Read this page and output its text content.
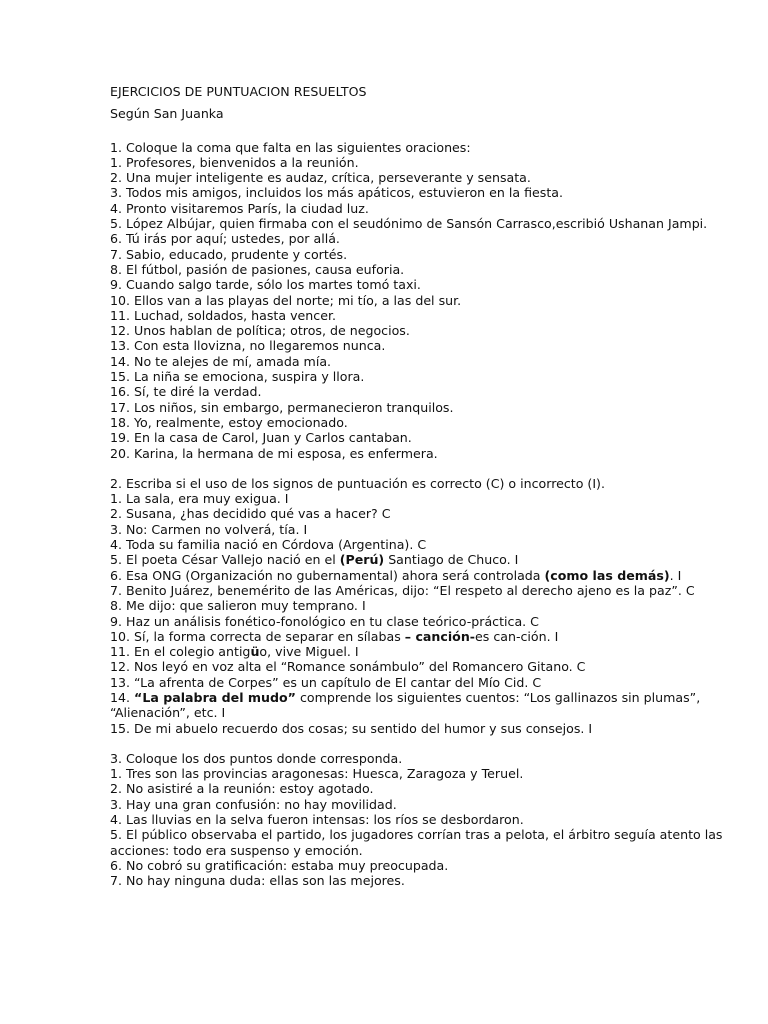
EJERCICIOS DE PUNTUACION RESUELTOS
Según San Juanka
1. Coloque la coma que falta en las siguientes oraciones:
1. Profesores, bienvenidos a la reunión.
2. Una mujer inteligente es audaz, crítica, perseverante y sensata.
3. Todos mis amigos, incluidos los más apáticos, estuvieron en la fiesta.
4. Pronto visitaremos París, la ciudad luz.
5. López Albújar, quien firmaba con el seudónimo de Sansón Carrasco,escribió Ushanan Jampi.
6. Tú irás por aquí; ustedes, por allá.
7. Sabio, educado, prudente y cortés.
8. El fútbol, pasión de pasiones, causa euforia.
9. Cuando salgo tarde, sólo los martes tomó taxi.
10. Ellos van a las playas del norte; mi tío, a las del sur.
11. Luchad, soldados, hasta vencer.
12. Unos hablan de política; otros, de negocios.
13. Con esta llovizna, no llegaremos nunca.
14. No te alejes de mí, amada mía.
15. La niña se emociona, suspira y llora.
16. Sí, te diré la verdad.
17. Los niños, sin embargo, permanecieron tranquilos.
18. Yo, realmente, estoy emocionado.
19. En la casa de Carol, Juan y Carlos cantaban.
20. Karina, la hermana de mi esposa, es enfermera.
2. Escriba si el uso de los signos de puntuación es correcto (C) o incorrecto (I).
1. La sala, era muy exigua. I
2. Susana, ¿has decidido qué vas a hacer? C
3. No: Carmen no volverá, tía. I
4. Toda su familia nació en Córdova (Argentina). C
5. El poeta César Vallejo nació en el (Perú) Santiago de Chuco. I
6. Esa ONG (Organización no gubernamental) ahora será controlada (como las demás). I
7. Benito Juárez, benemérito de las Américas, dijo: “El respeto al derecho ajeno es la paz”. C
8. Me dijo: que salieron muy temprano. I
9. Haz un análisis fonético-fonológico en tu clase teórico-práctica. C
10. Sí, la forma correcta de separar en sílabas – canción-es can-ción. I
11. En el colegio antigüo, vive Miguel. I
12. Nos leyó en voz alta el “Romance sonámbulo” del Romancero Gitano. C
13. “La afrenta de Corpes” es un capítulo de El cantar del Mío Cid. C
14. “La palabra del mudo” comprende los siguientes cuentos: “Los gallinazos sin plumas”, “Alienación”, etc. I
15. De mi abuelo recuerdo dos cosas; su sentido del humor y sus consejos. I
3. Coloque los dos puntos donde corresponda.
1. Tres son las provincias aragonesas: Huesca, Zaragoza y Teruel.
2. No asistiré a la reunión: estoy agotado.
3. Hay una gran confusión: no hay movilidad.
4. Las lluvias en la selva fueron intensas: los ríos se desbordaron.
5. El público observaba el partido, los jugadores corrían tras a pelota, el árbitro seguía atento las acciones: todo era suspenso y emoción.
6. No cobró su gratificación: estaba muy preocupada.
7. No hay ninguna duda: ellas son las mejores.
